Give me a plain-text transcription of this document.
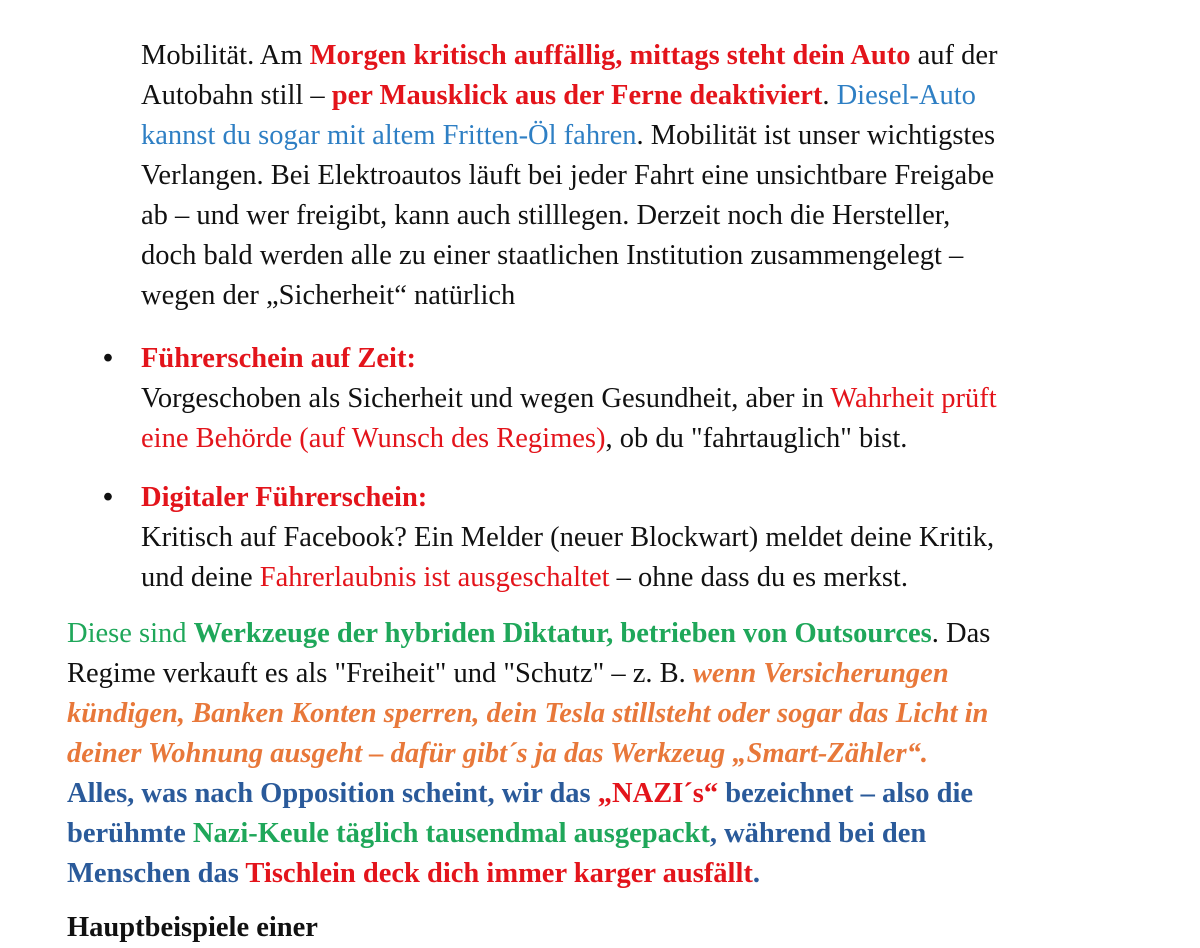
Mobilität. Am Morgen kritisch auffällig, mittags steht dein Auto auf der
Autobahn still – per Mausklick aus der Ferne deaktiviert. Diesel-Auto
kannst du sogar mit altem Fritten-Öl fahren. Mobilität ist unser wichtigstes
Verlangen. Bei Elektroautos läuft bei jeder Fahrt eine unsichtbare Freigabe
ab – und wer freigibt, kann auch stilllegen. Derzeit noch die Hersteller,
doch bald werden alle zu einer staatlichen Institution zusammengelegt –
wegen der „Sicherheit“ natürlich
• Führerschein auf Zeit:
Vorgeschoben als Sicherheit und wegen Gesundheit, aber in Wahrheit prüft
eine Behörde (auf Wunsch des Regimes), ob du "fahrtauglich" bist.
• Digitaler Führerschein:
Kritisch auf Facebook? Ein Melder (neuer Blockwart) meldet deine Kritik,
und deine Fahrerlaubnis ist ausgeschaltet – ohne dass du es merkst.
Diese sind Werkzeuge der hybriden Diktatur, betrieben von Outsources. Das
Regime verkauft es als "Freiheit" und "Schutz" – z. B. wenn Versicherungen
kündigen, Banken Konten sperren, dein Tesla stillsteht oder sogar das Licht in
deiner Wohnung ausgeht – dafür gibt´s ja das Werkzeug „Smart-Zähler“.
Alles, was nach Opposition scheint, wir das „NAZI´s“ bezeichnet – also die
berühmte Nazi-Keule täglich tausendmal ausgepackt, während bei den
Menschen das Tischlein deck dich immer karger ausfällt.
Hauptbeispiele einer
